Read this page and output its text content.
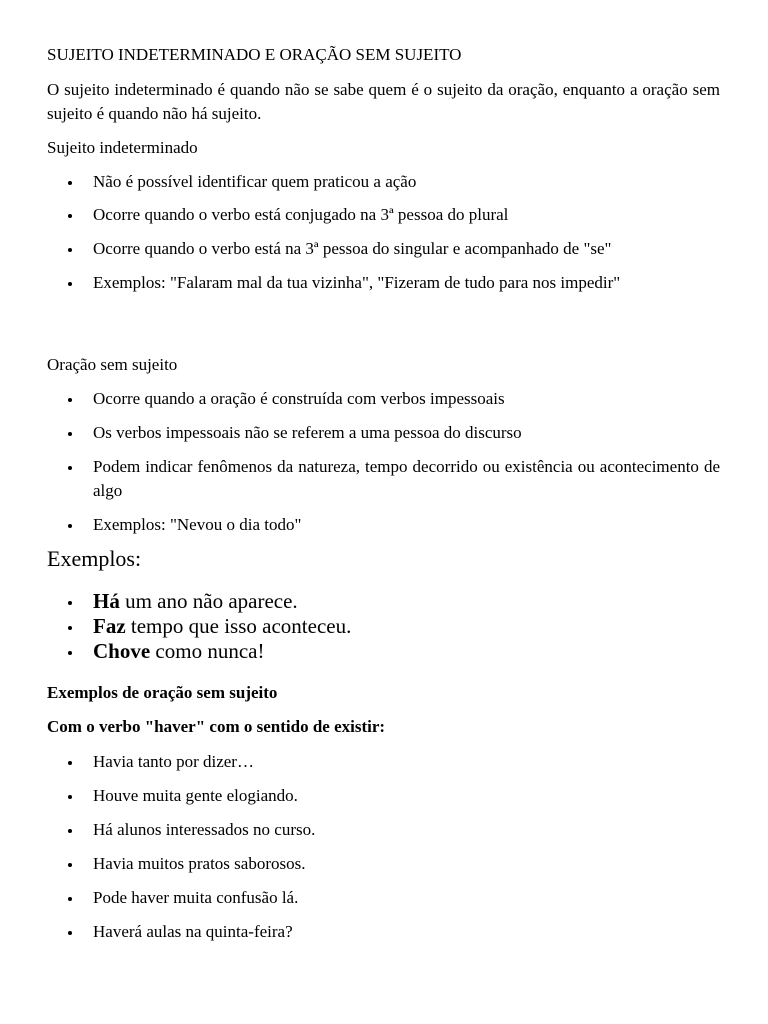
SUJEITO INDETERMINADO E ORAÇÃO SEM SUJEITO

O sujeito indeterminado é quando não se sabe quem é o sujeito da oração, enquanto a oração sem sujeito é quando não há sujeito.

Sujeito indeterminado

Não é possível identificar quem praticou a ação
Ocorre quando o verbo está conjugado na 3ª pessoa do plural
Ocorre quando o verbo está na 3ª pessoa do singular e acompanhado de "se"
Exemplos: "Falaram mal da tua vizinha", "Fizeram de tudo para nos impedir"

Oração sem sujeito

Ocorre quando a oração é construída com verbos impessoais
Os verbos impessoais não se referem a uma pessoa do discurso
Podem indicar fenômenos da natureza, tempo decorrido ou existência ou acontecimento de algo
Exemplos: "Nevou o dia todo"
Exemplos:
Há um ano não aparece.
Faz tempo que isso aconteceu.
Chove como nunca!

Exemplos de oração sem sujeito

Com o verbo "haver" com o sentido de existir:

Havia tanto por dizer…
Houve muita gente elogiando.
Há alunos interessados no curso.
Havia muitos pratos saborosos.
Pode haver muita confusão lá.
Haverá aulas na quinta-feira?
